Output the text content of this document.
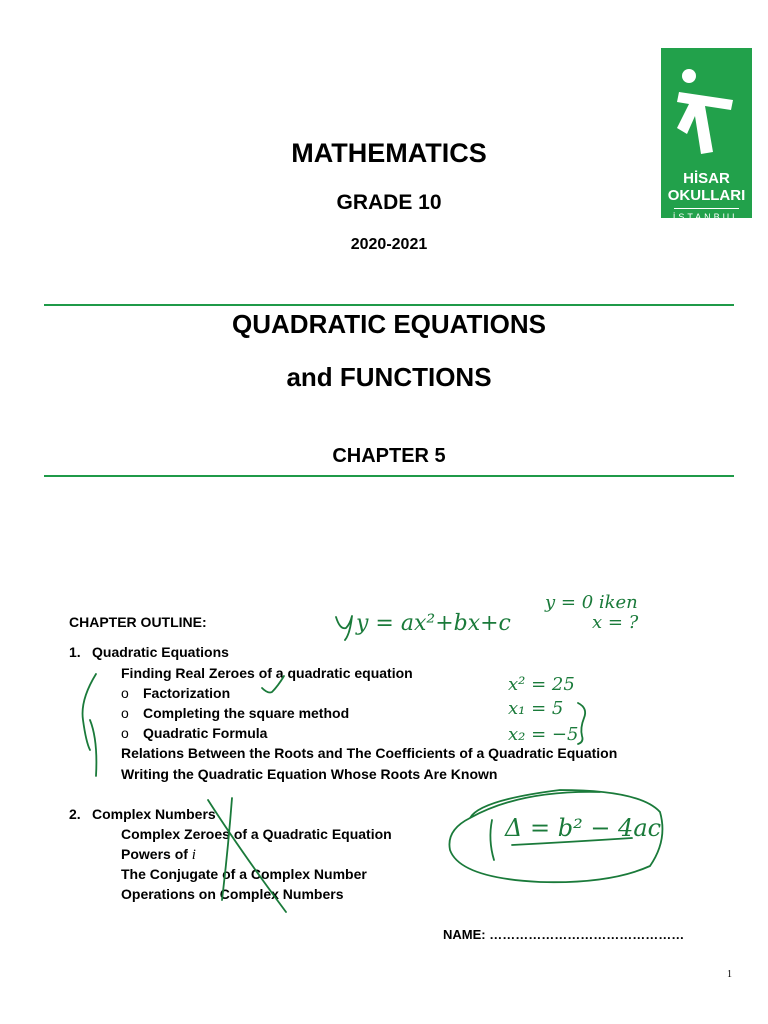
MATHEMATICS
GRADE 10
2020-2021
QUADRATIC EQUATIONS
and FUNCTIONS
CHAPTER 5
HİSAR
OKULLARI
İSTANBUL
CHAPTER OUTLINE:
1. Quadratic Equations
Finding Real Zeroes of a quadratic equation
o Factorization
o Completing the square method
o Quadratic Formula
Relations Between the Roots and The Coefficients of a Quadratic Equation
Writing the Quadratic Equation Whose Roots Are Known
2. Complex Numbers
Complex Zeroes of a Quadratic Equation
Powers of i
The Conjugate of a Complex Number
Operations on Complex Numbers
NAME: ………………………………………
1
y = ax²+bx+c
y = 0 iken
x = ?
x² = 25
x₁ = 5
x₂ = −5
Δ = b² − 4ac
